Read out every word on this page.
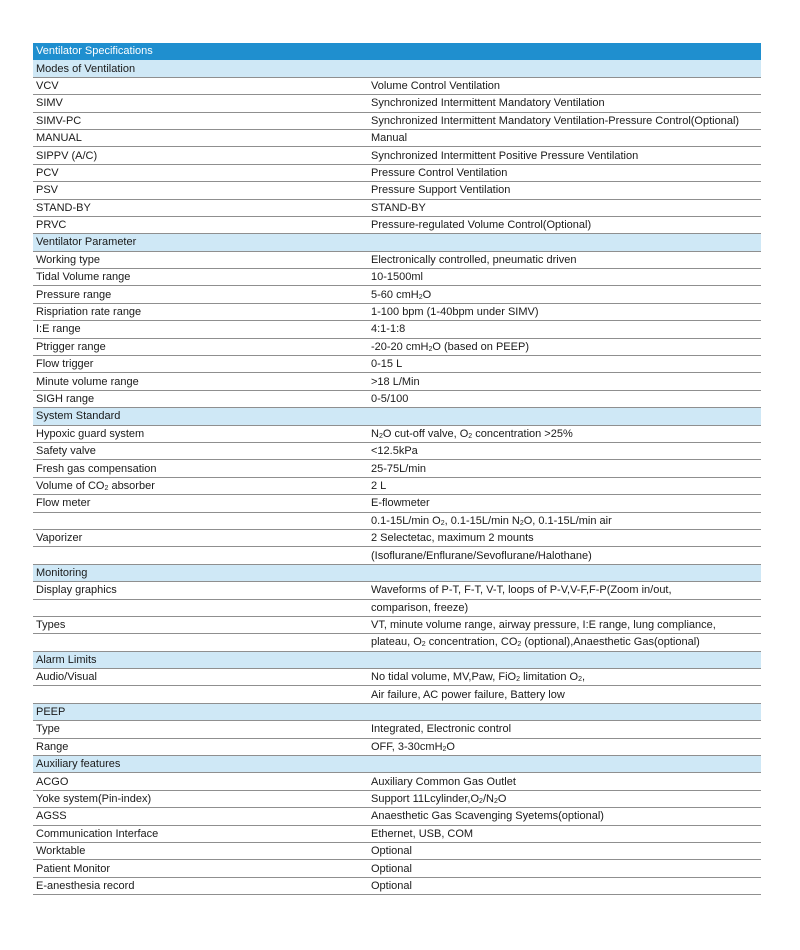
Ventilator Specifications	
Modes of Ventilation	
VCV	Volume Control Ventilation
SIMV	Synchronized Intermittent Mandatory Ventilation
SIMV-PC	Synchronized Intermittent Mandatory Ventilation-Pressure Control(Optional)
MANUAL	Manual
SIPPV (A/C)	Synchronized Intermittent Positive Pressure Ventilation
PCV	Pressure Control Ventilation
PSV	Pressure Support Ventilation
STAND-BY	STAND-BY
PRVC	Pressure-regulated Volume Control(Optional)
Ventilator Parameter	
Working type	Electronically controlled, pneumatic driven
Tidal Volume range	10-1500ml
Pressure range	5-60 cmH$_2$O
Rispriation rate range	1-100 bpm (1-40bpm under SIMV)
I:E range	4:1-1:8
Ptrigger range	-20-20 cmH$_2$O (based on PEEP)
Flow trigger	0-15 L
Minute volume range	>18 L/Min
SIGH range	0-5/100
System Standard	
Hypoxic guard system	$N_2O$ cut-off valve, $O_2$ concentration >25%
Safety valve	<12.5kPa
Fresh gas compensation	25-75L/min
Volume of $CO_2$ absorber	2 L
Flow meter	E-flowmeter
	0.1-15L/min $O_2$, 0.1-15L/min $N_2O$, 0.1-15L/min air
Vaporizer	2 Selectetac, maximum 2 mounts
	(Isoflurane/Enflurane/Sevoflurane/Halothane)
Monitoring	
Display graphics	Waveforms of P-T, F-T, V-T, loops of P-V,V-F,F-P(Zoom in/out,
	comparison, freeze)
Types	VT, minute volume range, airway pressure, I:E range, lung compliance,
	plateau, $O_2$ concentration, $CO_2$ (optional),Anaesthetic Gas(optional)
Alarm Limits	
Audio/Visual	No tidal volume, MV,Paw, FiO$_2$ limitation $O_2$,
	Air failure, AC power failure, Battery low
PEEP	
Type	Integrated, Electronic control
Range	OFF, 3-30cmH$_2$O
Auxiliary features	
ACGO	Auxiliary Common Gas Outlet
Yoke system(Pin-index)	Support $11Lcylinder,O_2/N_2O$
AGSS	Anaesthetic Gas Scavenging Syetems(optional)
Communication Interface	Ethernet, USB, COM
Worktable	Optional
Patient Monitor	Optional
E-anesthesia record	Optional
